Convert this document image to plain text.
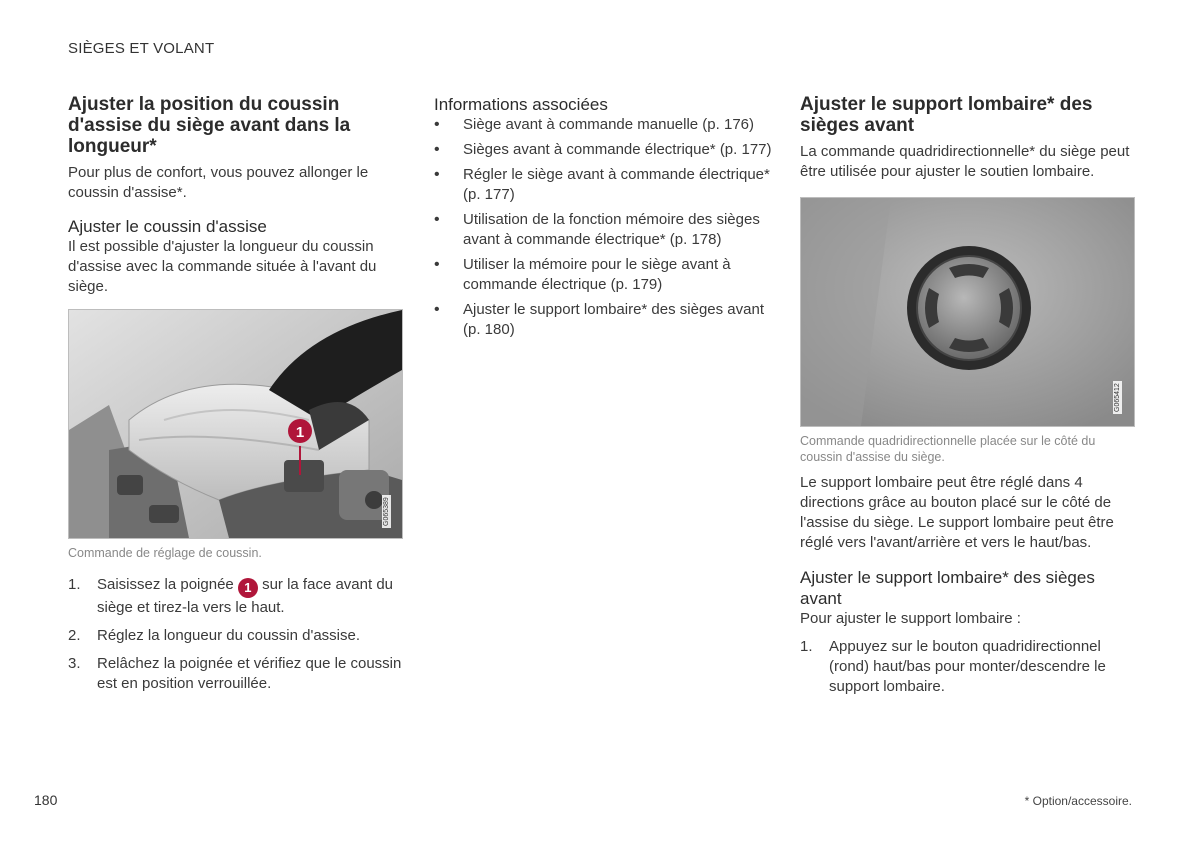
SIÈGES ET VOLANT
Ajuster la position du coussin d'assise du siège avant dans la longueur*

Pour plus de confort, vous pouvez allonger le coussin d'assise*.

Ajuster le coussin d'assise

Il est possible d'ajuster la longueur du coussin d'assise avec la commande située à l'avant du siège.

1
G065389

Commande de réglage de coussin.

1. Saisissez la poignée 1 sur la face avant du siège et tirez-la vers le haut.
2. Réglez la longueur du coussin d'assise.
3. Relâchez la poignée et vérifiez que le coussin est en position verrouillée.
Informations associées
• Siège avant à commande manuelle (p. 176)
• Sièges avant à commande électrique* (p. 177)
• Régler le siège avant à commande électrique* (p. 177)
• Utilisation de la fonction mémoire des sièges avant à commande électrique* (p. 178)
• Utiliser la mémoire pour le siège avant à commande électrique (p. 179)
• Ajuster le support lombaire* des sièges avant (p. 180)
Ajuster le support lombaire* des sièges avant

La commande quadridirectionnelle* du siège peut être utilisée pour ajuster le soutien lombaire.

G065412

Commande quadridirectionnelle placée sur le côté du coussin d'assise du siège.

Le support lombaire peut être réglé dans 4 directions grâce au bouton placé sur le côté de l'assise du siège. Le support lombaire peut être réglé vers l'avant/arrière et vers le haut/bas.

Ajuster le support lombaire* des sièges avant

Pour ajuster le support lombaire :

1. Appuyez sur le bouton quadridirectionnel (rond) haut/bas pour monter/descendre le support lombaire.
180	* Option/accessoire.
